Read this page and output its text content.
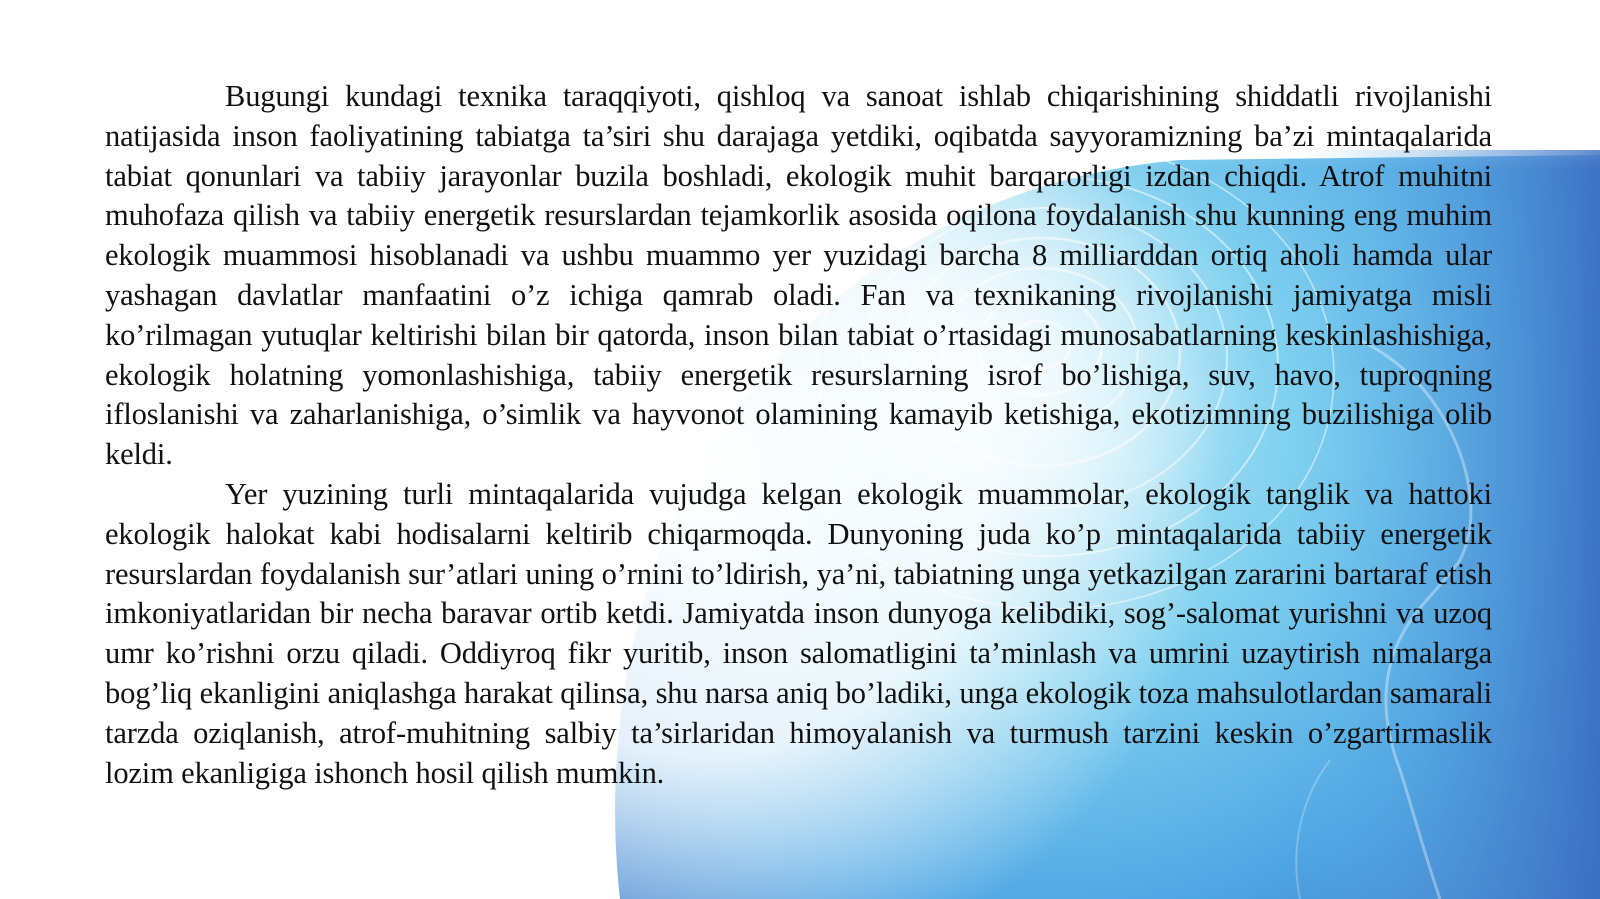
Bugungi kundagi texnika taraqqiyoti, qishloq va sanoat ishlab chiqarishining shiddatli rivojlanishi natijasida inson faoliyatining tabiatga ta’siri shu darajaga yetdiki, oqibatda sayyoramizning ba’zi mintaqalarida tabiat qonunlari va tabiiy jarayonlar buzila boshladi, ekologik muhit barqarorligi izdan chiqdi. Atrof muhitni muhofaza qilish va tabiiy energetik resurslardan tejamkorlik asosida oqilona foydalanish shu kunning eng muhim ekologik muammosi hisoblanadi va ushbu muammo yer yuzidagi barcha 8 milliarddan ortiq aholi hamda ular yashagan davlatlar manfaatini o’z ichiga qamrab oladi. Fan va texnikaning rivojlanishi jamiyatga misli ko’rilmagan yutuqlar keltirishi bilan bir qatorda, inson bilan tabiat o’rtasidagi munosabatlarning keskinlashishiga, ekologik holatning yomonlashishiga, tabiiy energetik resurslarning isrof bo’lishiga, suv, havo, tuproqning ifloslanishi va zaharlanishiga, o’simlik va hayvonot olamining kamayib ketishiga, ekotizimning buzilishiga olib keldi.

Yer yuzining turli mintaqalarida vujudga kelgan ekologik muammolar, ekologik tanglik va hattoki ekologik halokat kabi hodisalarni keltirib chiqarmoqda. Dunyoning juda ko’p mintaqalarida tabiiy energetik resurslardan foydalanish sur’atlari uning o’rnini to’ldirish, ya’ni, tabiatning unga yetkazilgan zararini bartaraf etish imkoniyatlaridan bir necha baravar ortib ketdi. Jamiyatda inson dunyoga kelibdiki, sog’-salomat yurishni va uzoq umr ko’rishni orzu qiladi. Oddiyroq fikr yuritib, inson salomatligini ta’minlash va umrini uzaytirish nimalarga bog’liq ekanligini aniqlashga harakat qilinsa, shu narsa aniq bo’ladiki, unga ekologik toza mahsulotlardan samarali tarzda oziqlanish, atrof-muhitning salbiy ta’sirlaridan himoyalanish va turmush tarzini keskin o’zgartirmaslik lozim ekanligiga ishonch hosil qilish mumkin.
